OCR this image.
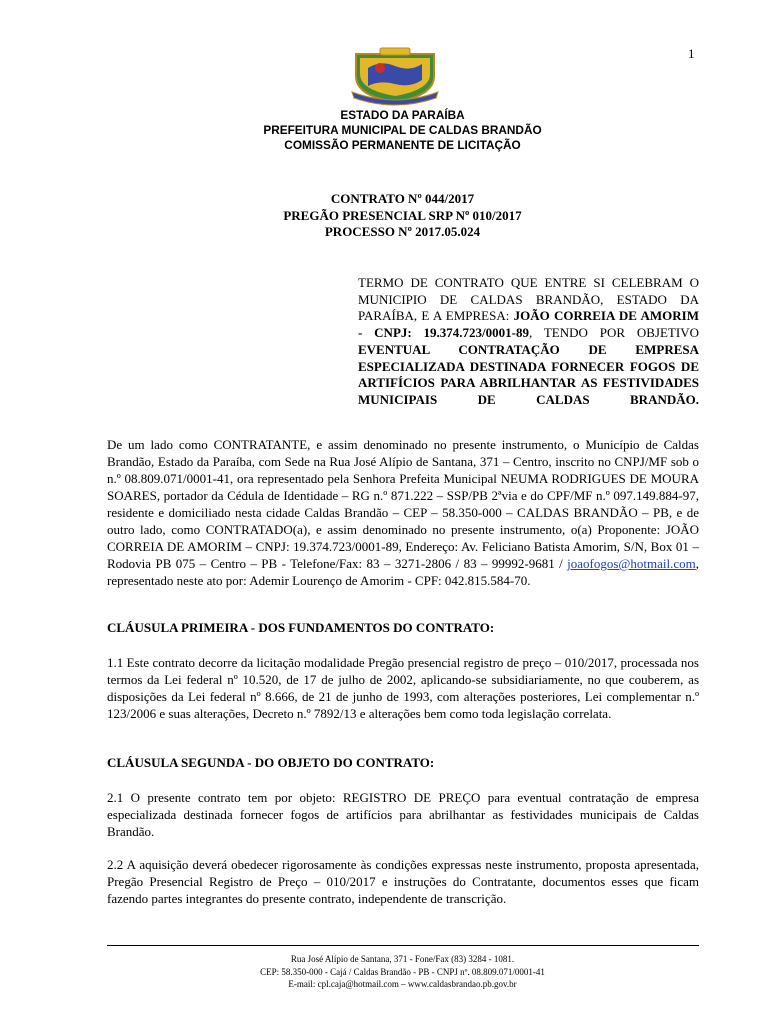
1
ESTADO DA PARAÍBA
PREFEITURA MUNICIPAL DE CALDAS BRANDÃO
COMISSÃO PERMANENTE DE LICITAÇÃO
CONTRATO Nº 044/2017
PREGÃO PRESENCIAL SRP Nº 010/2017
PROCESSO Nº 2017.05.024
TERMO DE CONTRATO QUE ENTRE SI CELEBRAM O MUNICIPIO DE CALDAS BRANDÃO, ESTADO DA PARAÍBA, E A EMPRESA: JOÃO CORREIA DE AMORIM - CNPJ: 19.374.723/0001-89, TENDO POR OBJETIVO EVENTUAL CONTRATAÇÃO DE EMPRESA ESPECIALIZADA DESTINADA FORNECER FOGOS DE ARTIFÍCIOS PARA ABRILHANTAR AS FESTIVIDADES MUNICIPAIS DE CALDAS BRANDÃO.

De um lado como CONTRATANTE, e assim denominado no presente instrumento, o Município de Caldas Brandão, Estado da Paraíba, com Sede na Rua José Alípio de Santana, 371 – Centro, inscrito no CNPJ/MF sob o n.º 08.809.071/0001-41, ora representado pela Senhora Prefeita Municipal NEUMA RODRIGUES DE MOURA SOARES, portador da Cédula de Identidade – RG n.º 871.222 – SSP/PB 2ªvia e do CPF/MF n.º 097.149.884-97, residente e domiciliado nesta cidade Caldas Brandão – CEP – 58.350-000 – CALDAS BRANDÃO – PB, e de outro lado, como CONTRATADO(a), e assim denominado no presente instrumento, o(a) Proponente: JOÃO CORREIA DE AMORIM – CNPJ: 19.374.723/0001-89, Endereço: Av. Feliciano Batista Amorim, S/N, Box 01 – Rodovia PB 075 – Centro – PB - Telefone/Fax: 83 – 3271-2806 / 83 – 99992-9681 / joaofogos@hotmail.com, representado neste ato por: Ademir Lourenço de Amorim - CPF: 042.815.584-70.

CLÁUSULA PRIMEIRA - DOS FUNDAMENTOS DO CONTRATO:

1.1 Este contrato decorre da licitação modalidade Pregão presencial registro de preço – 010/2017, processada nos termos da Lei federal nº 10.520, de 17 de julho de 2002, aplicando-se subsidiariamente, no que couberem, as disposições da Lei federal nº 8.666, de 21 de junho de 1993, com alterações posteriores, Lei complementar n.º 123/2006 e suas alterações, Decreto n.º 7892/13 e alterações bem como toda legislação correlata.

CLÁUSULA SEGUNDA - DO OBJETO DO CONTRATO:

2.1 O presente contrato tem por objeto: REGISTRO DE PREÇO para eventual contratação de empresa especializada destinada fornecer fogos de artifícios para abrilhantar as festividades municipais de Caldas Brandão.

2.2 A aquisição deverá obedecer rigorosamente às condições expressas neste instrumento, proposta apresentada, Pregão Presencial Registro de Preço – 010/2017 e instruções do Contratante, documentos esses que ficam fazendo partes integrantes do presente contrato, independente de transcrição.

Rua José Alípio de Santana, 371 - Fone/Fax (83) 3284 - 1081.
CEP: 58.350-000 - Cajá / Caldas Brandão - PB - CNPJ nº. 08.809.071/0001-41
E-mail: cpl.caja@hotmail.com – www.caldasbrandao.pb.gov.br
